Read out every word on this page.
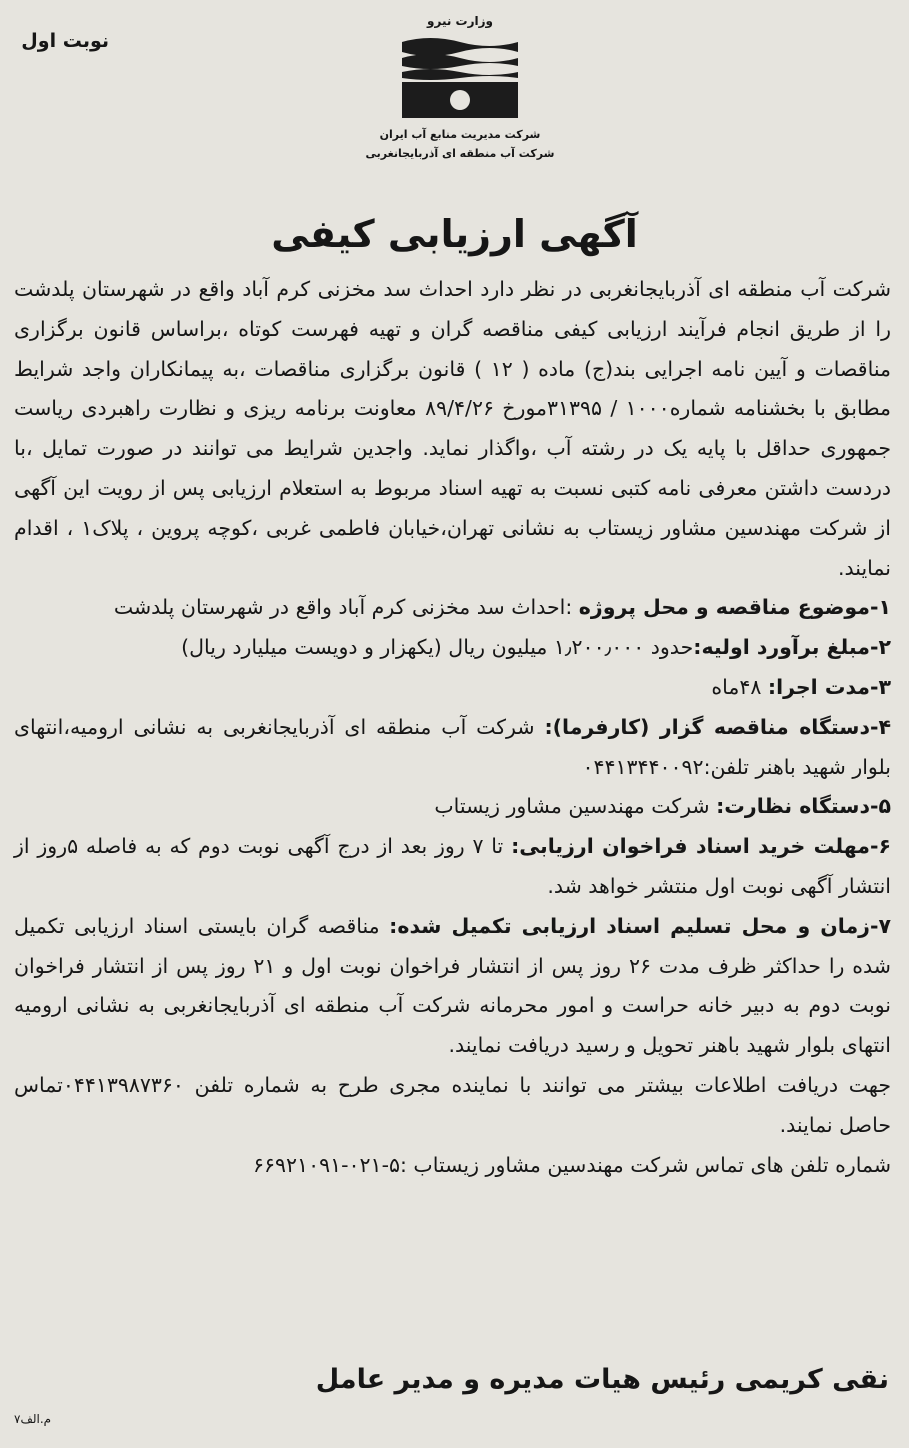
نوبت اول
وزارت نیرو
شرکت مدیریت منابع آب ایران
شرکت آب منطقه ای آذربایجانغربی
آگهی ارزیابی کیفی

شرکت آب منطقه ای آذربایجانغربی در نظر دارد احداث سد مخزنی کرم آباد واقع در شهرستان پلدشت را از طریق انجام فرآیند ارزیابی کیفی مناقصه گران و تهیه فهرست کوتاه ،براساس قانون برگزاری مناقصات و آیین نامه اجرایی بند(ج) ماده ( ۱۲ ) قانون برگزاری مناقصات ،به پیمانکاران واجد شرایط مطابق با بخشنامه شماره۱۰۰۰ / ۳۱۳۹۵مورخ ۸۹/۴/۲۶ معاونت برنامه ریزی و نظارت راهبردی ریاست جمهوری حداقل با پایه یک در رشته آب ،واگذار نماید. واجدین شرایط می توانند در صورت تمایل ،با دردست داشتن معرفی نامه کتبی نسبت به تهیه اسناد مربوط به استعلام ارزیابی پس از رویت این آگهی از شرکت مهندسین مشاور زیستاب به نشانی تهران،خیابان فاطمی غربی ،کوچه پروین ، پلاک۱ ، اقدام نمایند.

۱-موضوع مناقصه و محل پروژه :احداث سد مخزنی کرم آباد واقع در شهرستان پلدشت

۲-مبلغ برآورد اولیه:حدود ۱٫۲۰۰٫۰۰۰ میلیون ریال (یکهزار و دویست میلیارد ریال)

۳-مدت اجرا: ۴۸ماه

۴-دستگاه مناقصه گزار (کارفرما): شرکت آب منطقه ای آذربایجانغربی به نشانی ارومیه،انتهای بلوار شهید باهنر تلفن:۰۴۴۱۳۴۴۰۰۹۲

۵-دستگاه نظارت: شرکت مهندسین مشاور زیستاب

۶-مهلت خرید اسناد فراخوان ارزیابی: تا ۷ روز بعد از درج آگهی نوبت دوم که به فاصله ۵روز از انتشار آگهی نوبت اول منتشر خواهد شد.

۷-زمان و محل تسلیم اسناد ارزیابی تکمیل شده: مناقصه گران بایستی اسناد ارزیابی تکمیل شده را حداکثر ظرف مدت ۲۶ روز پس از انتشار فراخوان نوبت اول و ۲۱ روز پس از انتشار فراخوان نوبت دوم به دبیر خانه حراست و امور محرمانه شرکت آب منطقه ای آذربایجانغربی به نشانی ارومیه انتهای بلوار شهید باهنر تحویل و رسید دریافت نمایند.

جهت دریافت اطلاعات بیشتر می توانند با نماینده مجری طرح به شماره تلفن ۰۴۴۱۳۹۸۷۳۶۰تماس حاصل نمایند.

شماره تلفن های تماس شرکت مهندسین مشاور زیستاب :۵-۰۲۱-۶۶۹۲۱۰۹۱

نقی کریمی رئیس هیات مدیره و مدیر عامل
م.الف۷
